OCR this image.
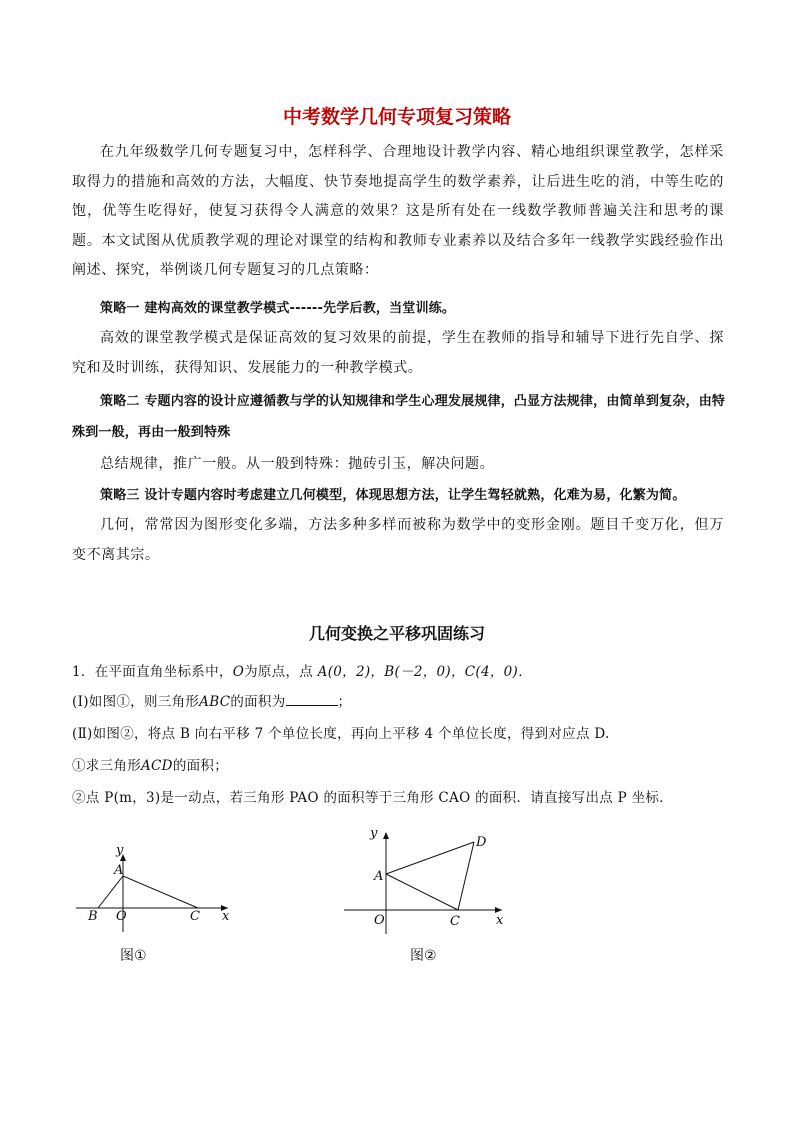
中考数学几何专项复习策略

在九年级数学几何专题复习中，怎样科学、合理地设计教学内容、精心地组织课堂教学，怎样采取得力的措施和高效的方法，大幅度、快节奏地提高学生的数学素养，让后进生吃的消，中等生吃的饱，优等生吃得好，使复习获得令人满意的效果？这是所有处在一线数学教师普遍关注和思考的课题。本文试图从优质教学观的理论对课堂的结构和教师专业素养以及结合多年一线教学实践经验作出阐述、探究，举例谈几何专题复习的几点策略：

策略一 建构高效的课堂教学模式------先学后教，当堂训练。

高效的课堂教学模式是保证高效的复习效果的前提，学生在教师的指导和辅导下进行先自学、探究和及时训练，获得知识、发展能力的一种教学模式。

策略二 专题内容的设计应遵循教与学的认知规律和学生心理发展规律，凸显方法规律，由简单到复杂，由特殊到一般，再由一般到特殊

总结规律，推广一般。从一般到特殊：抛砖引玉，解决问题。

策略三 设计专题内容时考虑建立几何模型，体现思想方法，让学生驾轻就熟，化难为易，化繁为简。

几何，常常因为图形变化多端，方法多种多样而被称为数学中的变形金刚。题目千变万化，但万变不离其宗。

几何变换之平移巩固练习

1．在平面直角坐标系中，O为原点，点 A(0，2)，B(－2，0)，C(4，0)．

(Ⅰ)如图①，则三角形ABC的面积为	；

(Ⅱ)如图②，将点 B 向右平移 7 个单位长度，再向上平移 4 个单位长度，得到对应点 D.

①求三角形ACD的面积；

②点 P(m，3)是一动点，若三角形 PAO 的面积等于三角形 CAO 的面积．请直接写出点 P 坐标．

y
x
A
B O	C
图①
y
x
A
D
O	C
图②
